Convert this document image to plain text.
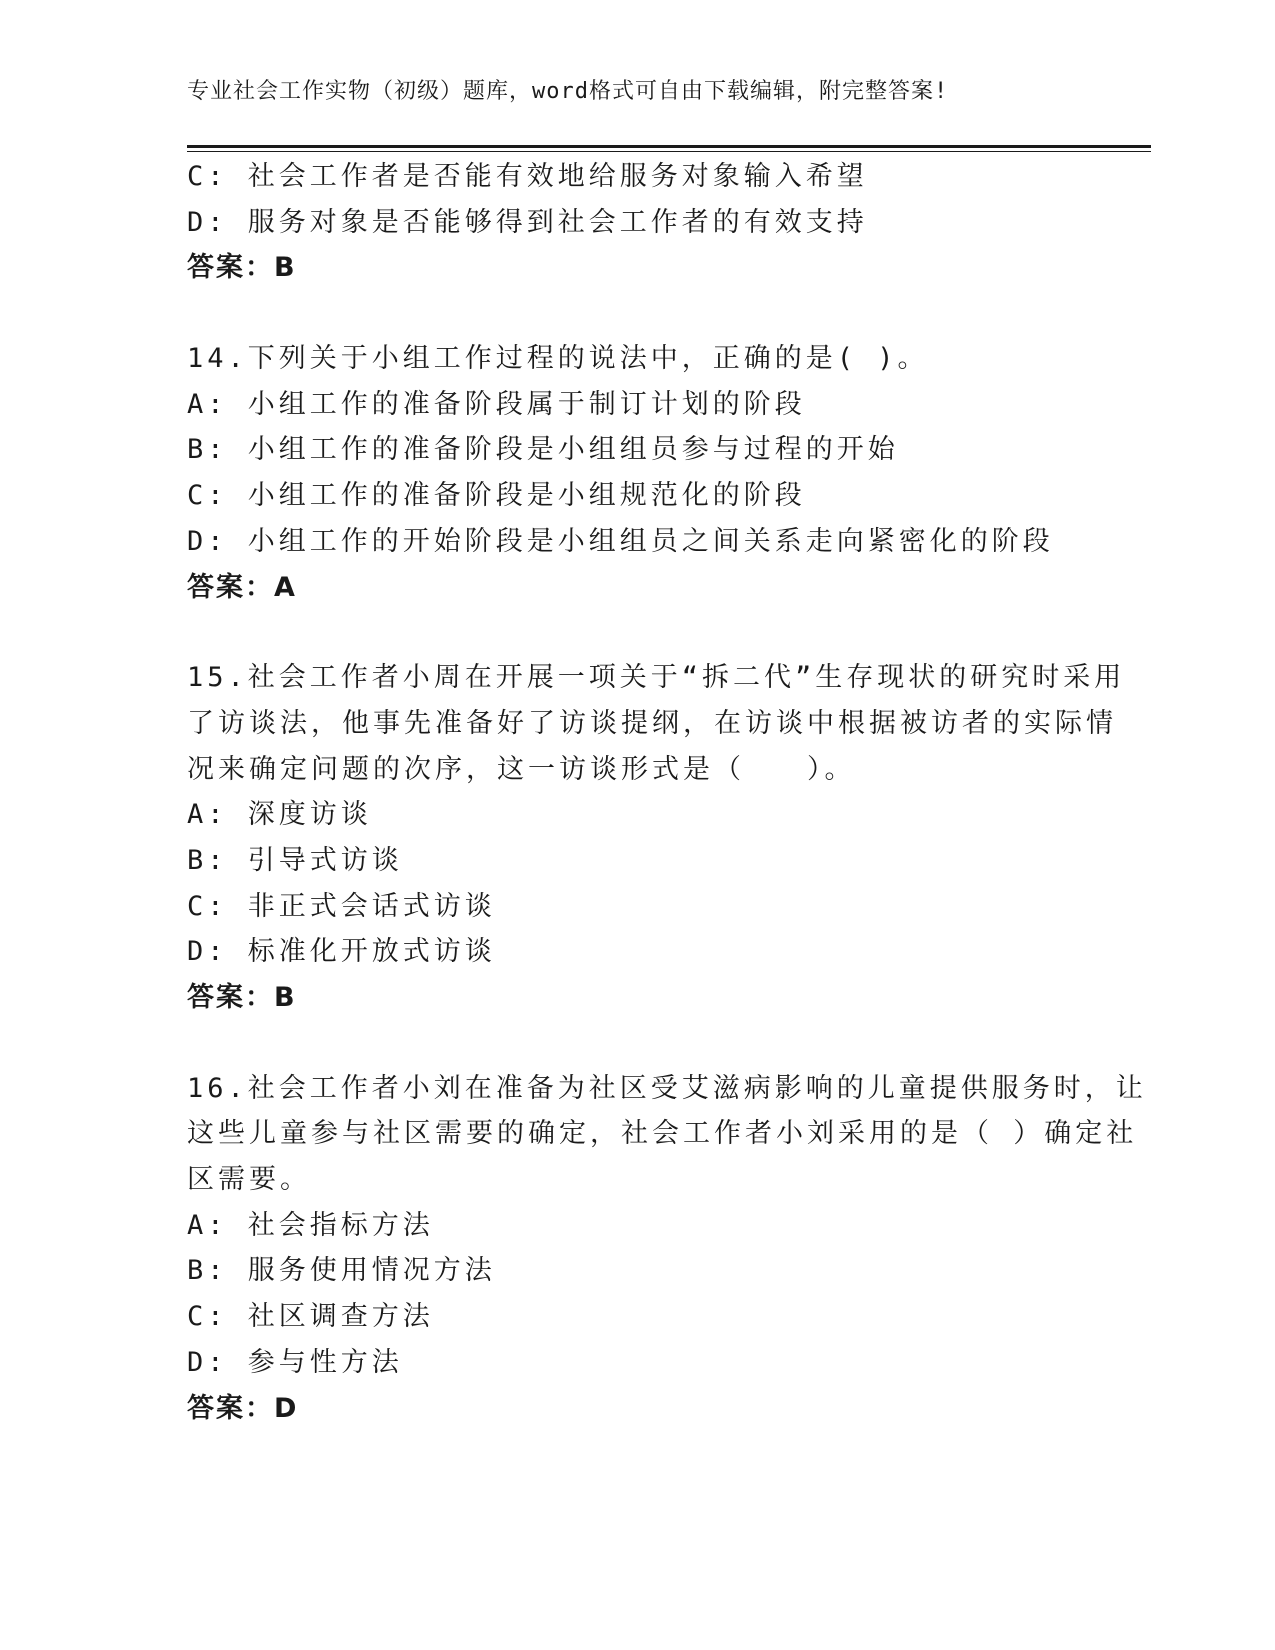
专业社会工作实物（初级）题库，word格式可自由下载编辑，附完整答案!
C: 社会工作者是否能有效地给服务对象输入希望
D: 服务对象是否能够得到社会工作者的有效支持
答案：B
14.下列关于小组工作过程的说法中，正确的是( )。
A: 小组工作的准备阶段属于制订计划的阶段
B: 小组工作的准备阶段是小组组员参与过程的开始
C: 小组工作的准备阶段是小组规范化的阶段
D: 小组工作的开始阶段是小组组员之间关系走向紧密化的阶段
答案：A
15.社会工作者小周在开展一项关于“拆二代”生存现状的研究时采用
了访谈法，他事先准备好了访谈提纲，在访谈中根据被访者的实际情
况来确定问题的次序，这一访谈形式是（　　）。
A: 深度访谈
B: 引导式访谈
C: 非正式会话式访谈
D: 标准化开放式访谈
答案：B
16.社会工作者小刘在准备为社区受艾滋病影响的儿童提供服务时，让
这些儿童参与社区需要的确定，社会工作者小刘采用的是（ ）确定社
区需要。
A: 社会指标方法
B: 服务使用情况方法
C: 社区调查方法
D: 参与性方法
答案：D
